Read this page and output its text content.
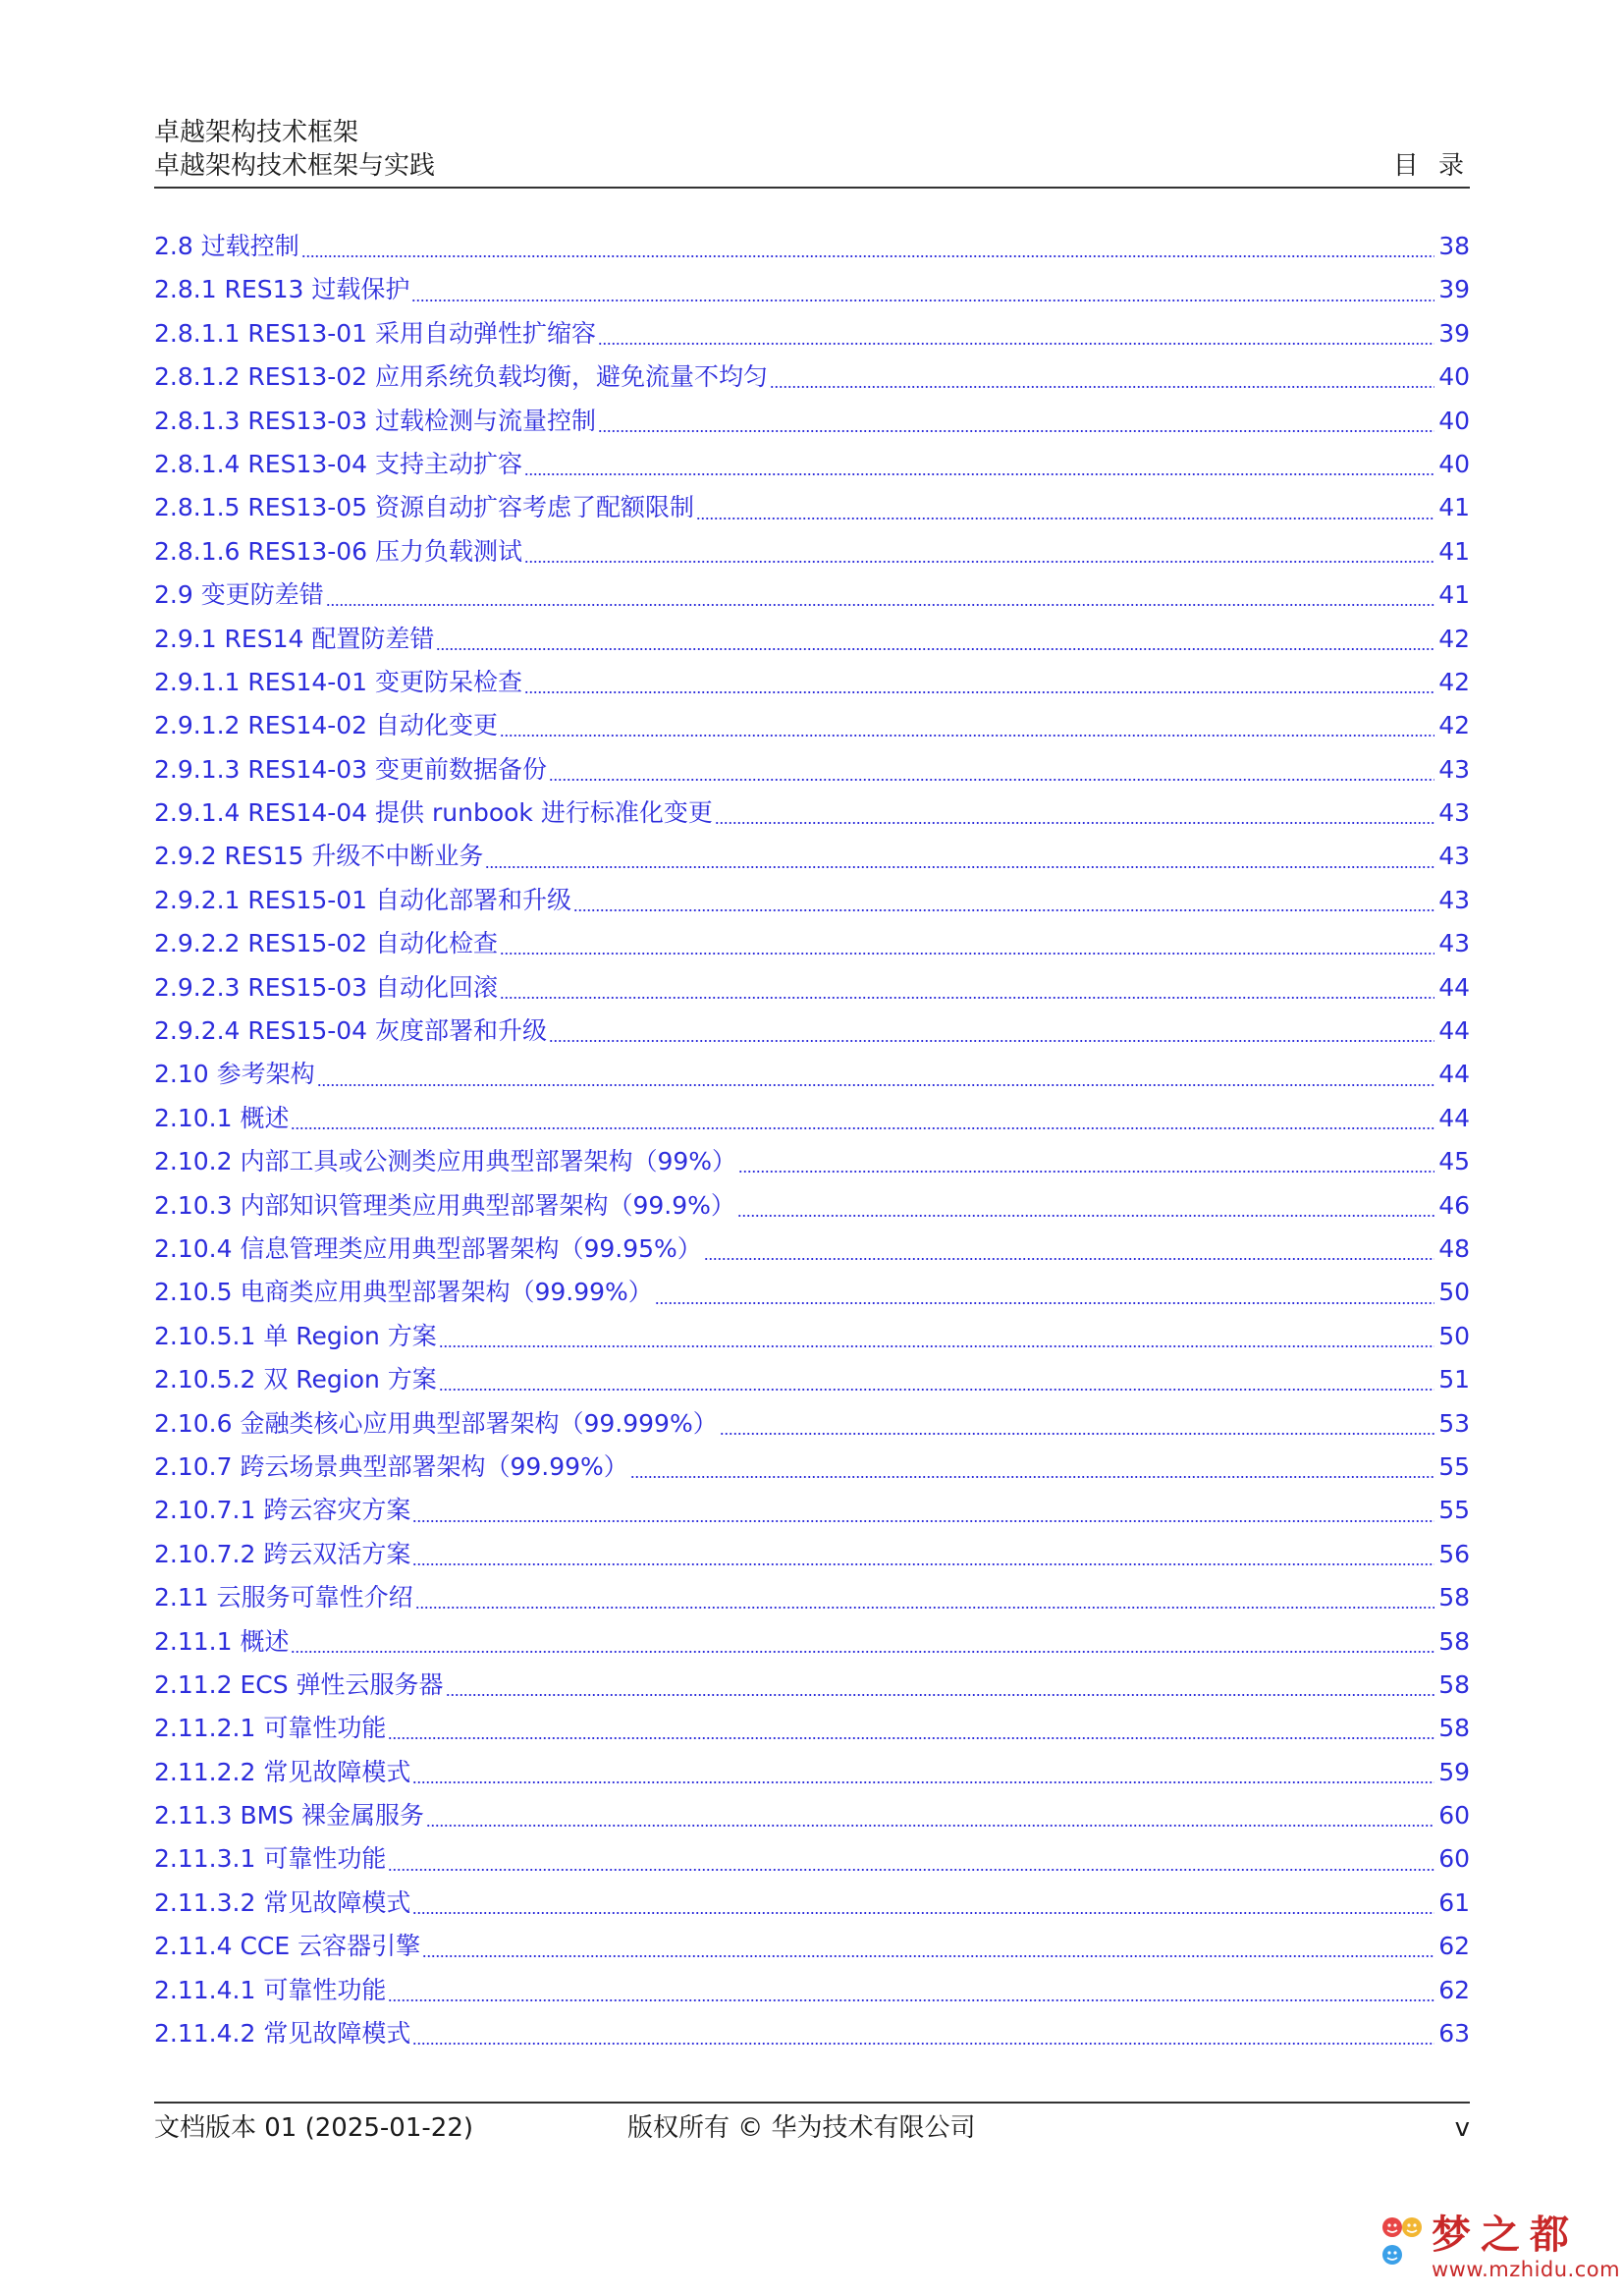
卓越架构技术框架
卓越架构技术框架与实践	目 录
2.8 过载控制	38
2.8.1 RES13 过载保护	39
2.8.1.1 RES13-01 采用自动弹性扩缩容	39
2.8.1.2 RES13-02 应用系统负载均衡，避免流量不均匀	40
2.8.1.3 RES13-03 过载检测与流量控制	40
2.8.1.4 RES13-04 支持主动扩容	40
2.8.1.5 RES13-05 资源自动扩容考虑了配额限制	41
2.8.1.6 RES13-06 压力负载测试	41
2.9 变更防差错	41
2.9.1 RES14 配置防差错	42
2.9.1.1 RES14-01 变更防呆检查	42
2.9.1.2 RES14-02 自动化变更	42
2.9.1.3 RES14-03 变更前数据备份	43
2.9.1.4 RES14-04 提供 runbook 进行标准化变更	43
2.9.2 RES15 升级不中断业务	43
2.9.2.1 RES15-01 自动化部署和升级	43
2.9.2.2 RES15-02 自动化检查	43
2.9.2.3 RES15-03 自动化回滚	44
2.9.2.4 RES15-04 灰度部署和升级	44
2.10 参考架构	44
2.10.1 概述	44
2.10.2 内部工具或公测类应用典型部署架构（99%）	45
2.10.3 内部知识管理类应用典型部署架构（99.9%）	46
2.10.4 信息管理类应用典型部署架构（99.95%）	48
2.10.5 电商类应用典型部署架构（99.99%）	50
2.10.5.1 单 Region 方案	50
2.10.5.2 双 Region 方案	51
2.10.6 金融类核心应用典型部署架构（99.999%）	53
2.10.7 跨云场景典型部署架构（99.99%）	55
2.10.7.1 跨云容灾方案	55
2.10.7.2 跨云双活方案	56
2.11 云服务可靠性介绍	58
2.11.1 概述	58
2.11.2 ECS 弹性云服务器	58
2.11.2.1 可靠性功能	58
2.11.2.2 常见故障模式	59
2.11.3 BMS 裸金属服务	60
2.11.3.1 可靠性功能	60
2.11.3.2 常见故障模式	61
2.11.4 CCE 云容器引擎	62
2.11.4.1 可靠性功能	62
2.11.4.2 常见故障模式	63
文档版本 01 (2025-01-22)	版权所有 © 华为技术有限公司	v
梦之都
www.mzhidu.com
